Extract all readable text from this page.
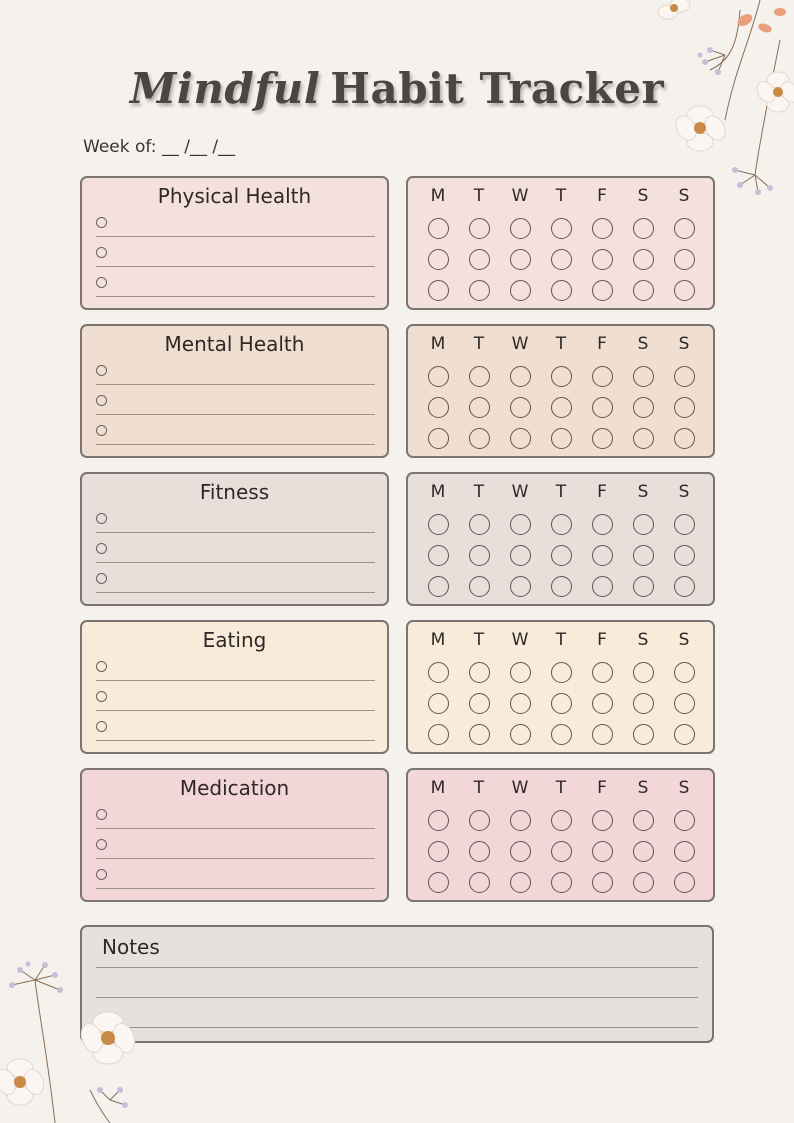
Mindful Habit Tracker
Week of: __ /__ /__
Physical Health	M	T	W	T	F	S	S
Mental Health	M	T	W	T	F	S	S
Fitness	M	T	W	T	F	S	S
Eating	M	T	W	T	F	S	S
Medication	M	T	W	T	F	S	S
Notes
